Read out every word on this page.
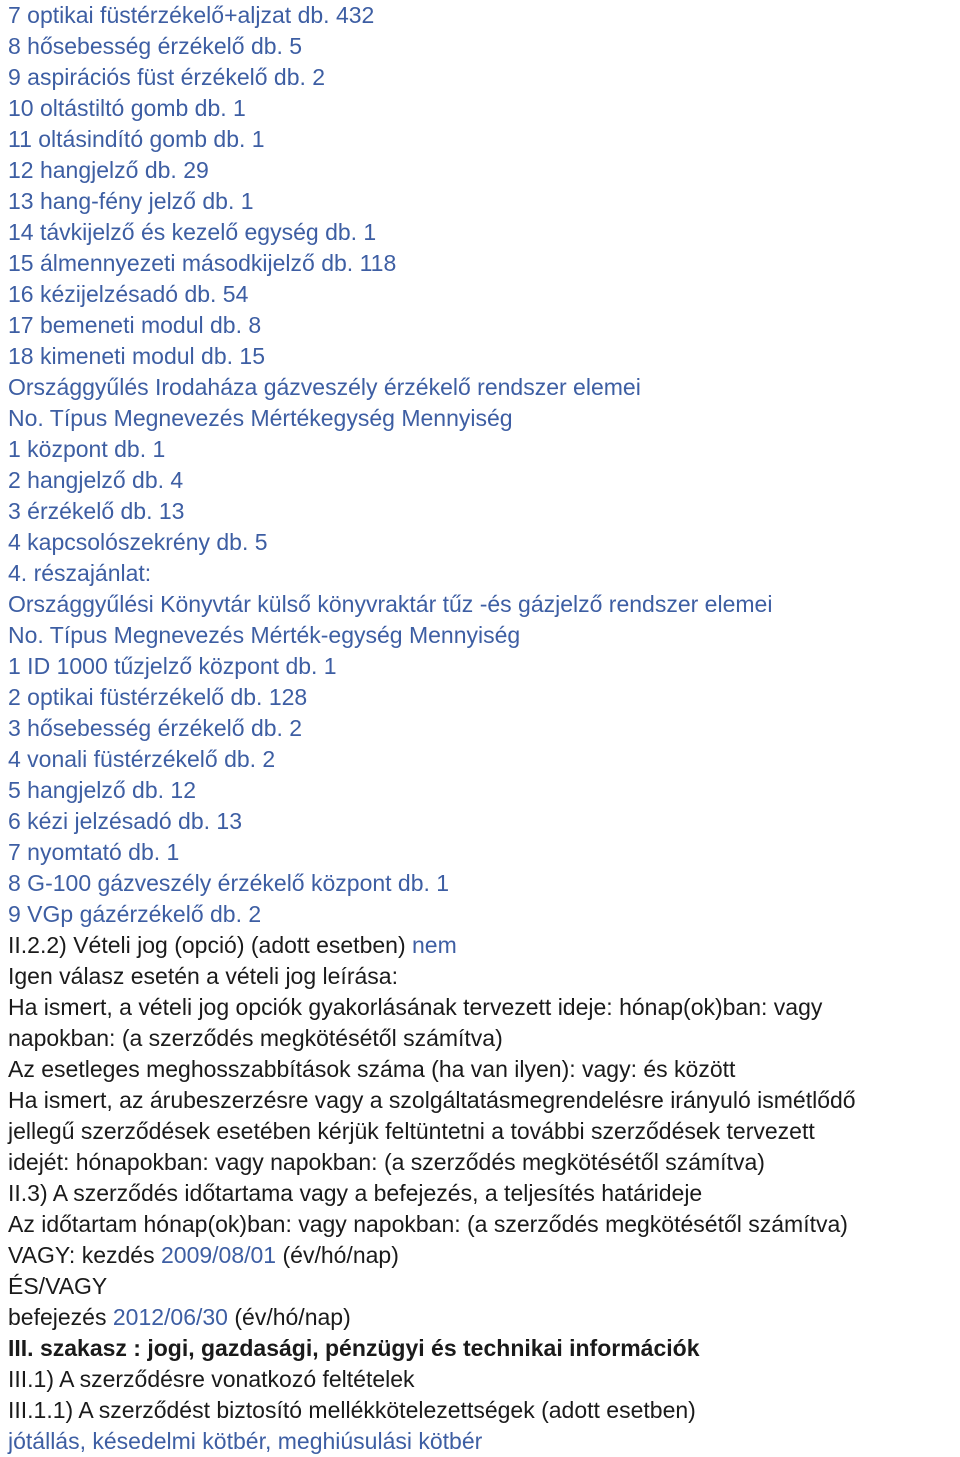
7 optikai füstérzékelő+aljzat db. 432
8 hősebesség érzékelő db. 5
9 aspirációs füst érzékelő db. 2
10 oltástiltó gomb db. 1
11 oltásindító gomb db. 1
12 hangjelző db. 29
13 hang-fény jelző db. 1
14 távkijelző és kezelő egység db. 1
15 álmennyezeti másodkijelző db. 118
16 kézijelzésadó db. 54
17 bemeneti modul db. 8
18 kimeneti modul db. 15
Országgyűlés Irodaháza gázveszély érzékelő rendszer elemei
No. Típus Megnevezés Mértékegység Mennyiség
1 központ db. 1
2 hangjelző db. 4
3 érzékelő db. 13
4 kapcsolószekrény db. 5
4. részajánlat:
Országgyűlési Könyvtár külső könyvraktár tűz -és gázjelző rendszer elemei
No. Típus Megnevezés Mérték-egység Mennyiség
1 ID 1000 tűzjelző központ db. 1
2 optikai füstérzékelő db. 128
3 hősebesség érzékelő db. 2
4 vonali füstérzékelő db. 2
5 hangjelző db. 12
6 kézi jelzésadó db. 13
7 nyomtató db. 1
8 G-100 gázveszély érzékelő központ db. 1
9 VGp gázérzékelő db. 2
II.2.2) Vételi jog (opció) (adott esetben) nem
Igen válasz esetén a vételi jog leírása:
Ha ismert, a vételi jog opciók gyakorlásának tervezett ideje: hónap(ok)ban: vagy
napokban: (a szerződés megkötésétől számítva)
Az esetleges meghosszabbítások száma (ha van ilyen): vagy: és között
Ha ismert, az árubeszerzésre vagy a szolgáltatásmegrendelésre irányuló ismétlődő
jellegű szerződések esetében kérjük feltüntetni a további szerződések tervezett
idejét: hónapokban: vagy napokban: (a szerződés megkötésétől számítva)
II.3) A szerződés időtartama vagy a befejezés, a teljesítés határideje
Az időtartam hónap(ok)ban: vagy napokban: (a szerződés megkötésétől számítva)
VAGY: kezdés 2009/08/01 (év/hó/nap)
ÉS/VAGY
befejezés 2012/06/30 (év/hó/nap)
III. szakasz : jogi, gazdasági, pénzügyi és technikai információk
III.1) A szerződésre vonatkozó feltételek
III.1.1) A szerződést biztosító mellékkötelezettségek (adott esetben)
jótállás, késedelmi kötbér, meghiúsulási kötbér
